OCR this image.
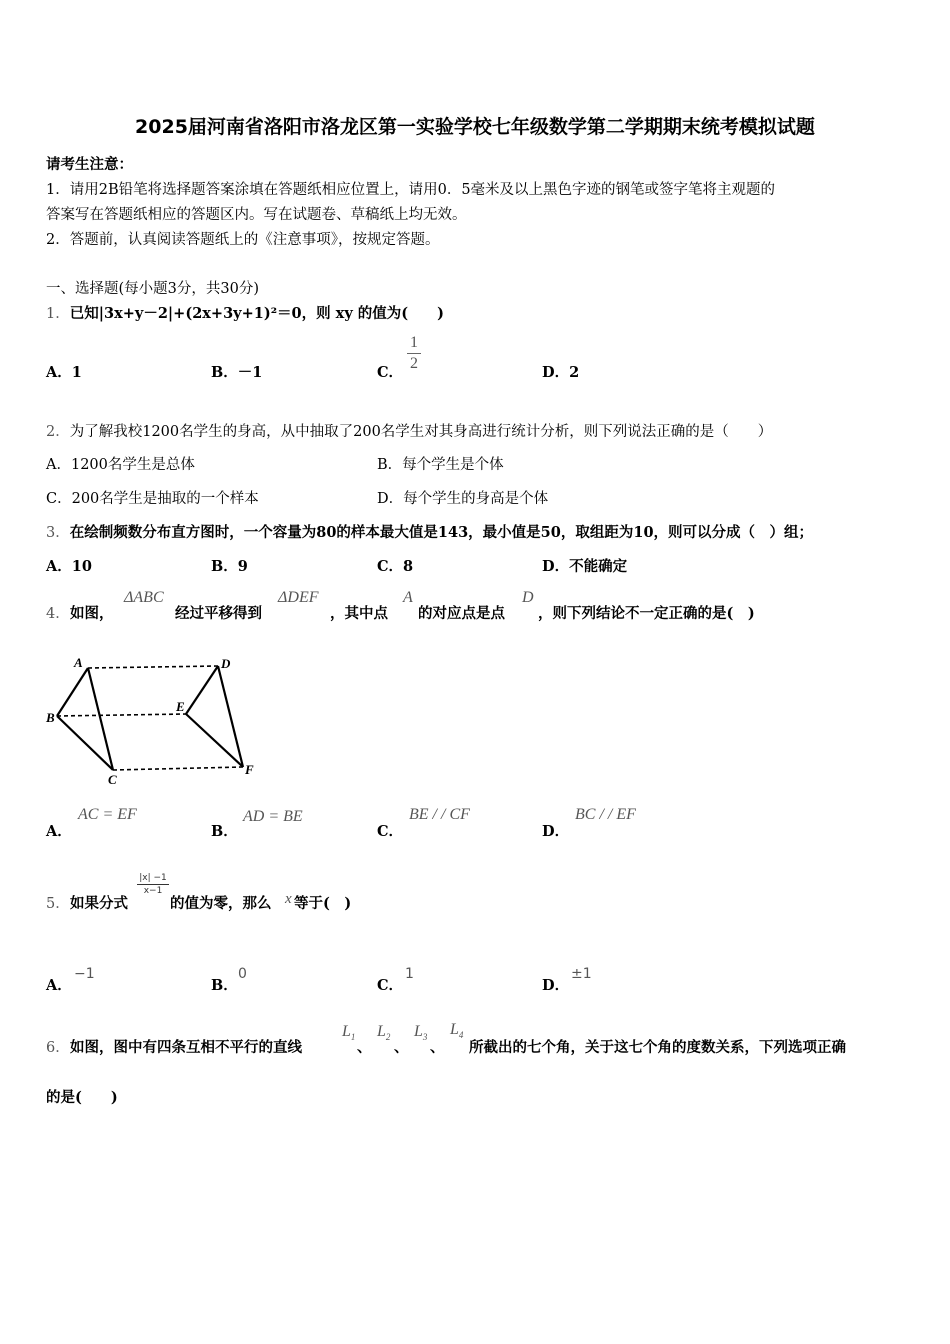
2025届河南省洛阳市洛龙区第一实验学校七年级数学第二学期期末统考模拟试题
请考生注意：
1．请用2B铅笔将选择题答案涂填在答题纸相应位置上，请用0．5毫米及以上黑色字迹的钢笔或签字笔将主观题的
答案写在答题纸相应的答题区内。写在试题卷、草稿纸上均无效。
2．答题前，认真阅读答题纸上的《注意事项》，按规定答题。
一、选择题(每小题3分，共30分)
1．已知|3x+y－2|+(2x+3y+1)²＝0，则 xy 的值为(　　)
A．1	B．－1	C．
1
2
D．2
2．为了解我校1200名学生的身高，从中抽取了200名学生对其身高进行统计分析，则下列说法正确的是（　　）
A．1200名学生是总体	B．每个学生是个体
C．200名学生是抽取的一个样本	D．每个学生的身高是个体
3．在绘制频数分布直方图时，一个容量为80的样本最大值是143，最小值是50，取组距为10，则可以分成（　）组；
A．10	B．9	C．8	D．不能确定
4． 如图，
ΔABC
经过平移得到
ΔDEF
，其中点
A
的对应点是点
D
，则下列结论不一定正确的是(　)
A
B
C
D
E
F
A．
AC = EF
B．
AD = BE
C．
BE / / CF
D．
BC / / EF
5． 如果分式
|x| −1
x−1
的值为零，那么 x 等于(　)
A．
−1
B．
0
C．
1
D．
±1
6． 如图，图中有四条互相不平行的直线
$L_1$
、
$L_2$
、
$L_3$
、
$L_4$
所截出的七个角，关于这七个角的度数关系，下列选项正确
的是(　　)
